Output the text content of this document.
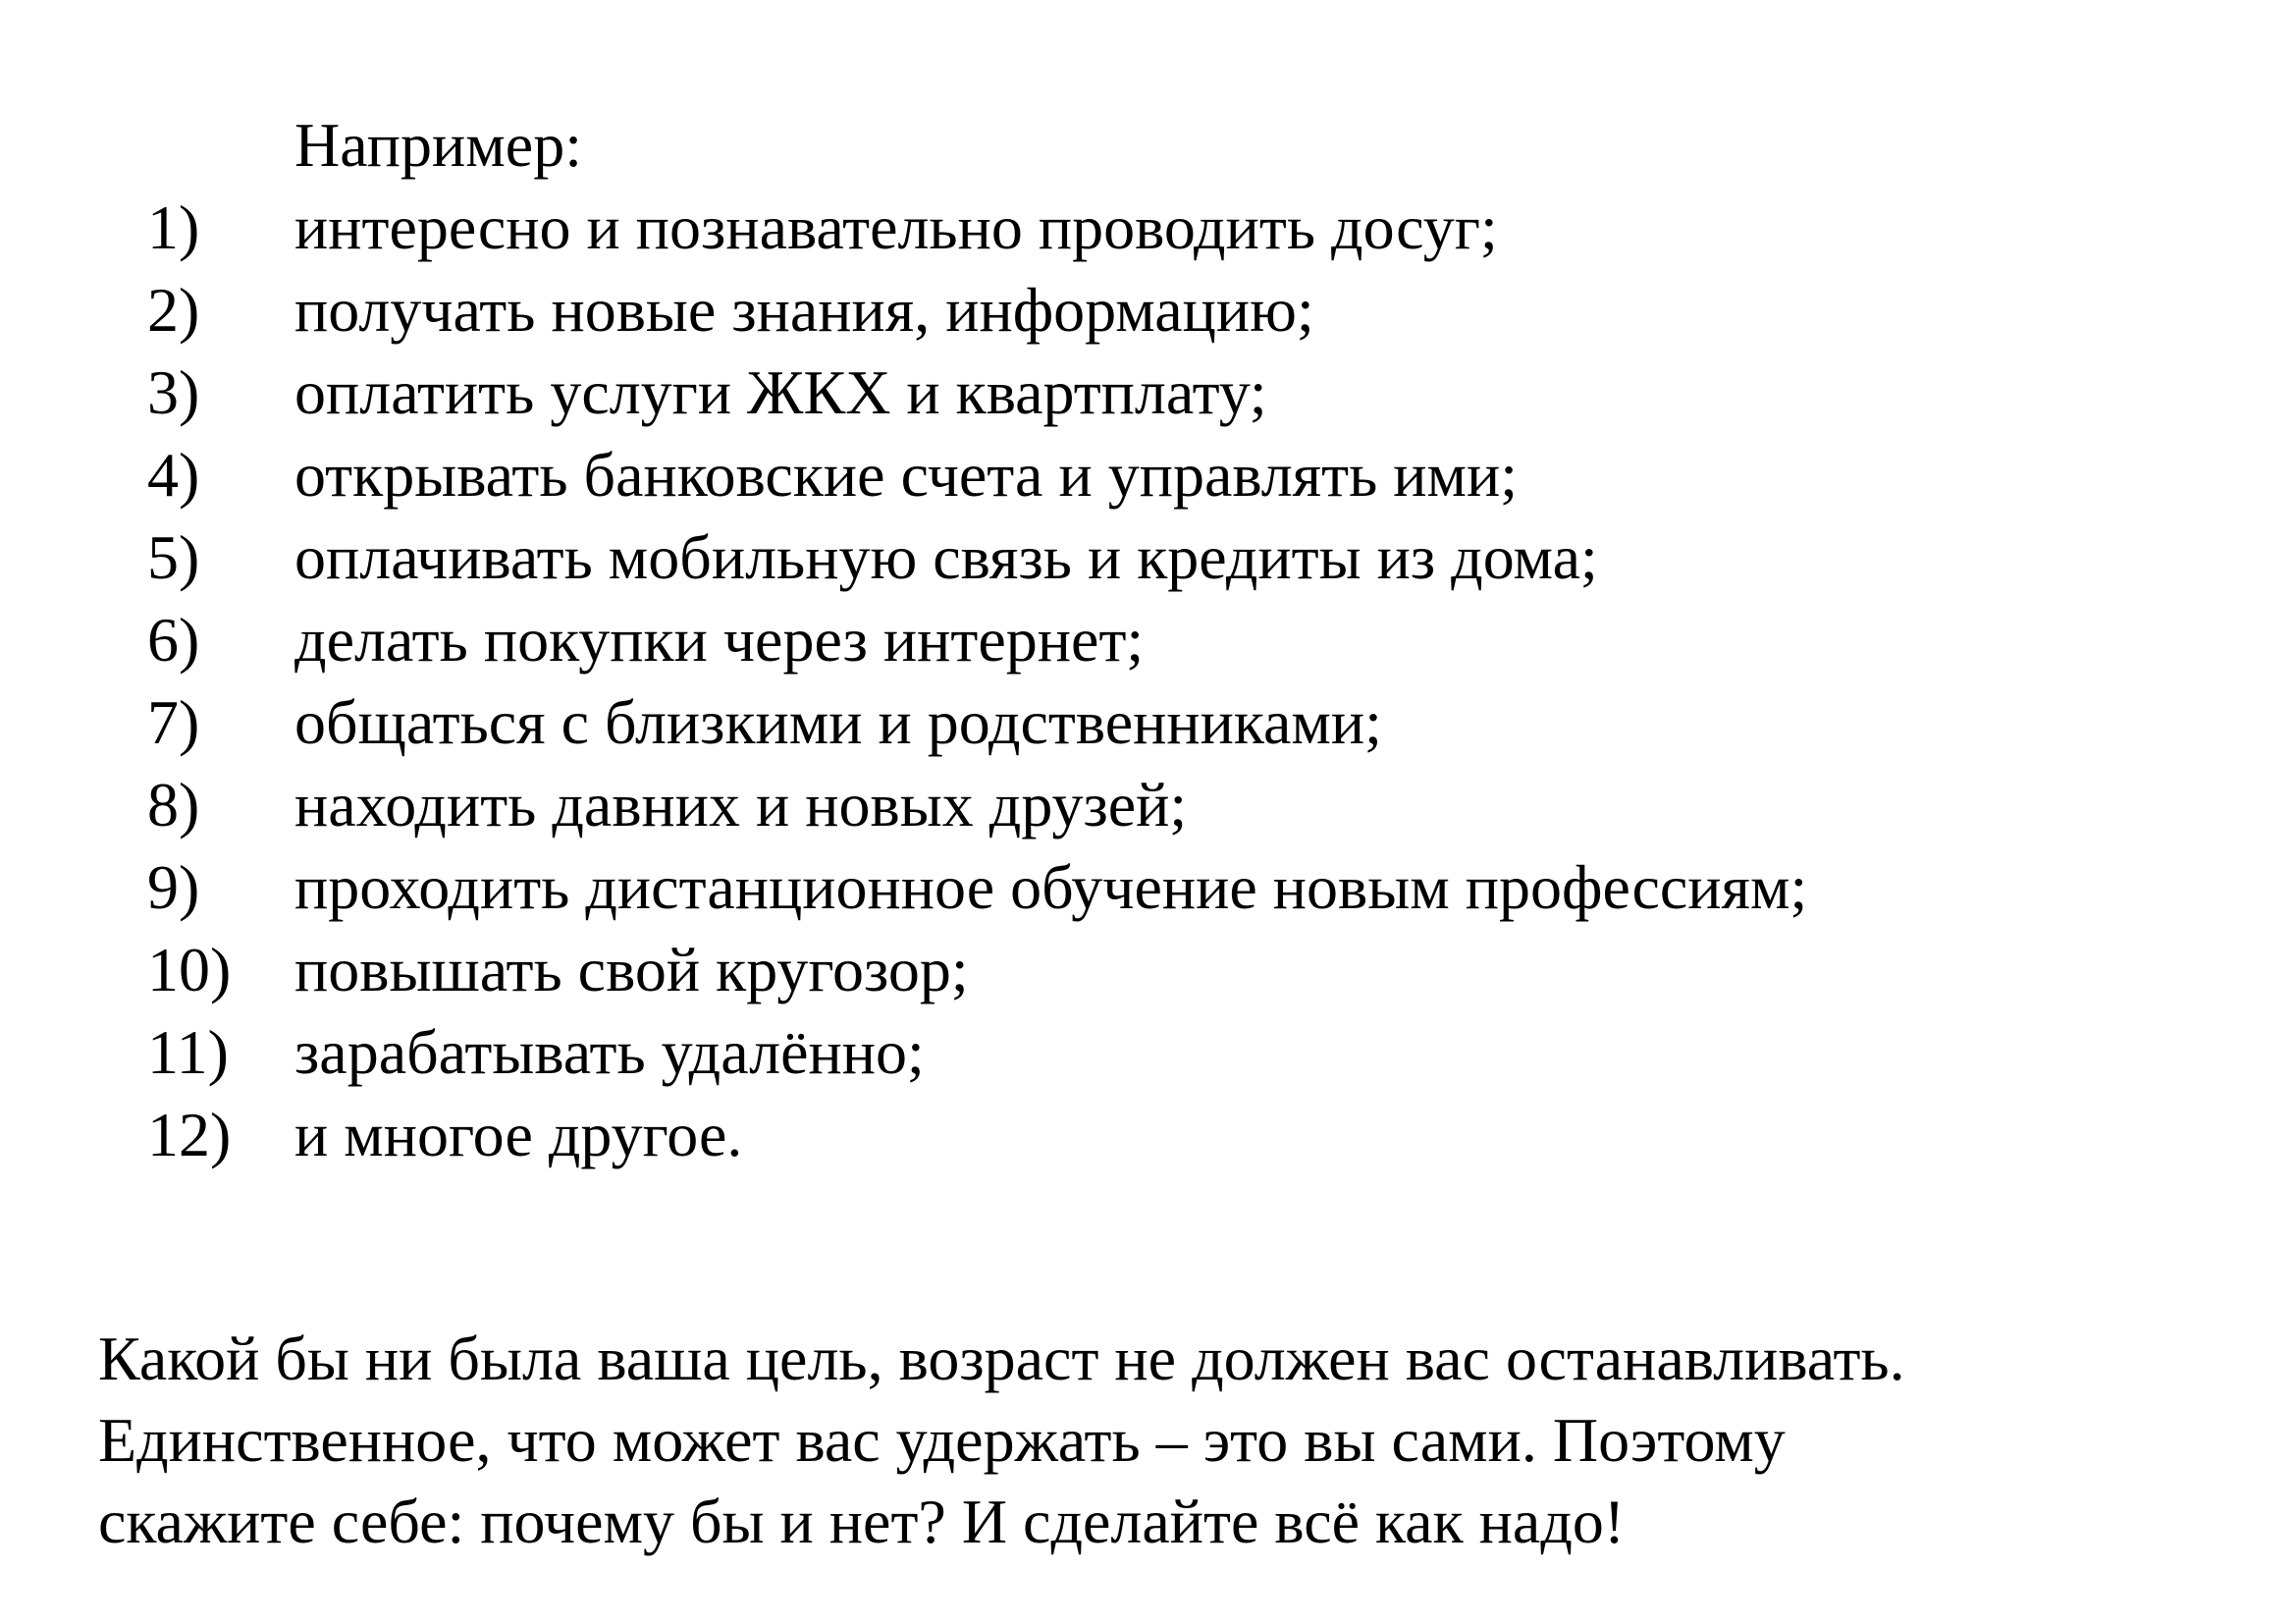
Например:
1) интересно и познавательно проводить досуг;
2) получать новые знания, информацию;
3) оплатить услуги ЖКХ и квартплату;
4) открывать банковские счета и управлять ими;
5) оплачивать мобильную связь и кредиты из дома;
6) делать покупки через интернет;
7) общаться с близкими и родственниками;
8) находить давних и новых друзей;
9) проходить дистанционное обучение новым профессиям;
10) повышать свой кругозор;
11) зарабатывать удалённо;
12) и многое другое.

Какой бы ни была ваша цель, возраст не должен вас останавливать.
Единственное, что может вас удержать – это вы сами. Поэтому
скажите себе: почему бы и нет? И сделайте всё как надо!
